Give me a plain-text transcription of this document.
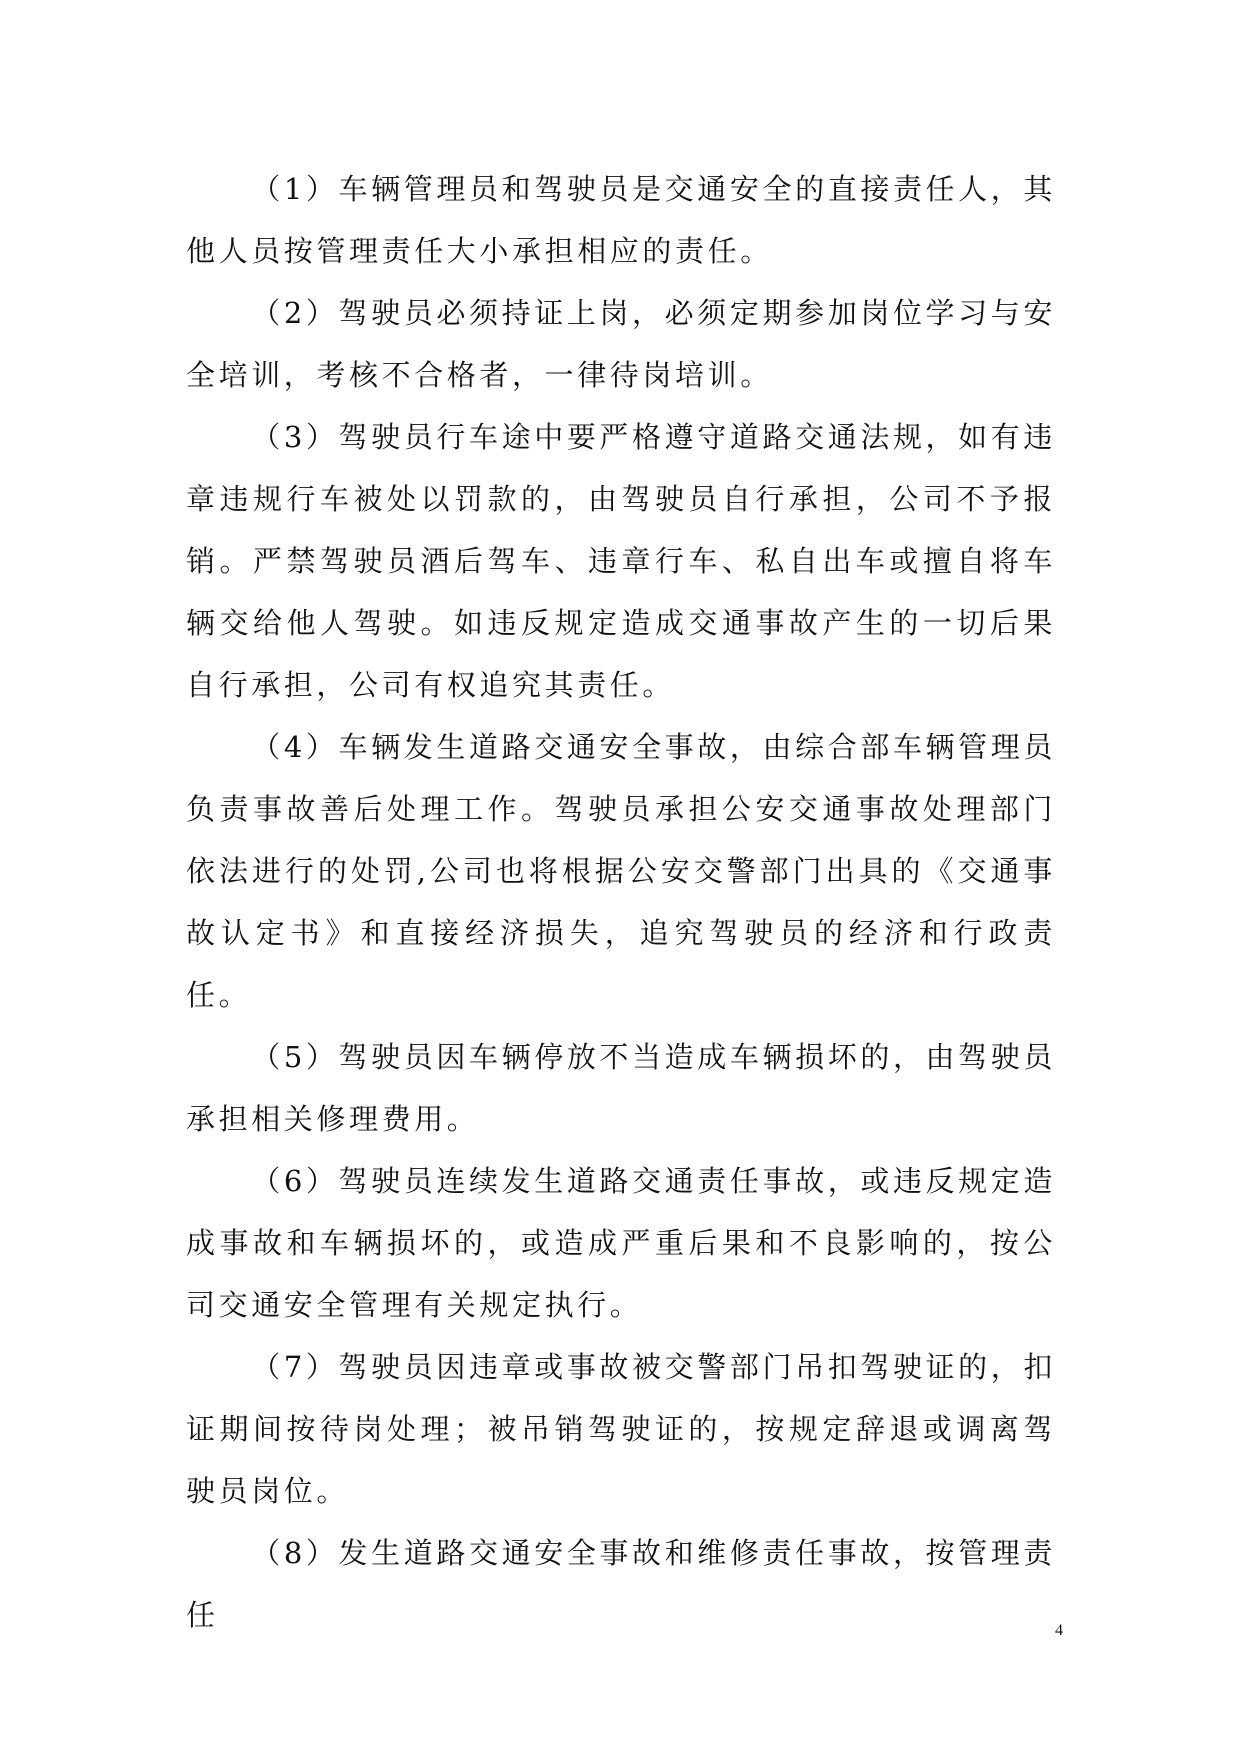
（1）车辆管理员和驾驶员是交通安全的直接责任人，其他人员按管理责任大小承担相应的责任。

（2）驾驶员必须持证上岗，必须定期参加岗位学习与安全培训，考核不合格者，一律待岗培训。

（3）驾驶员行车途中要严格遵守道路交通法规，如有违章违规行车被处以罚款的，由驾驶员自行承担，公司不予报销。严禁驾驶员酒后驾车、违章行车、私自出车或擅自将车辆交给他人驾驶。如违反规定造成交通事故产生的一切后果自行承担，公司有权追究其责任。

（4）车辆发生道路交通安全事故，由综合部车辆管理员负责事故善后处理工作。驾驶员承担公安交通事故处理部门依法进行的处罚,公司也将根据公安交警部门出具的《交通事故认定书》和直接经济损失，追究驾驶员的经济和行政责任。

（5）驾驶员因车辆停放不当造成车辆损坏的，由驾驶员承担相关修理费用。

（6）驾驶员连续发生道路交通责任事故，或违反规定造成事故和车辆损坏的，或造成严重后果和不良影响的，按公司交通安全管理有关规定执行。

（7）驾驶员因违章或事故被交警部门吊扣驾驶证的，扣证期间按待岗处理；被吊销驾驶证的，按规定辞退或调离驾驶员岗位。

（8）发生道路交通安全事故和维修责任事故，按管理责任	4
